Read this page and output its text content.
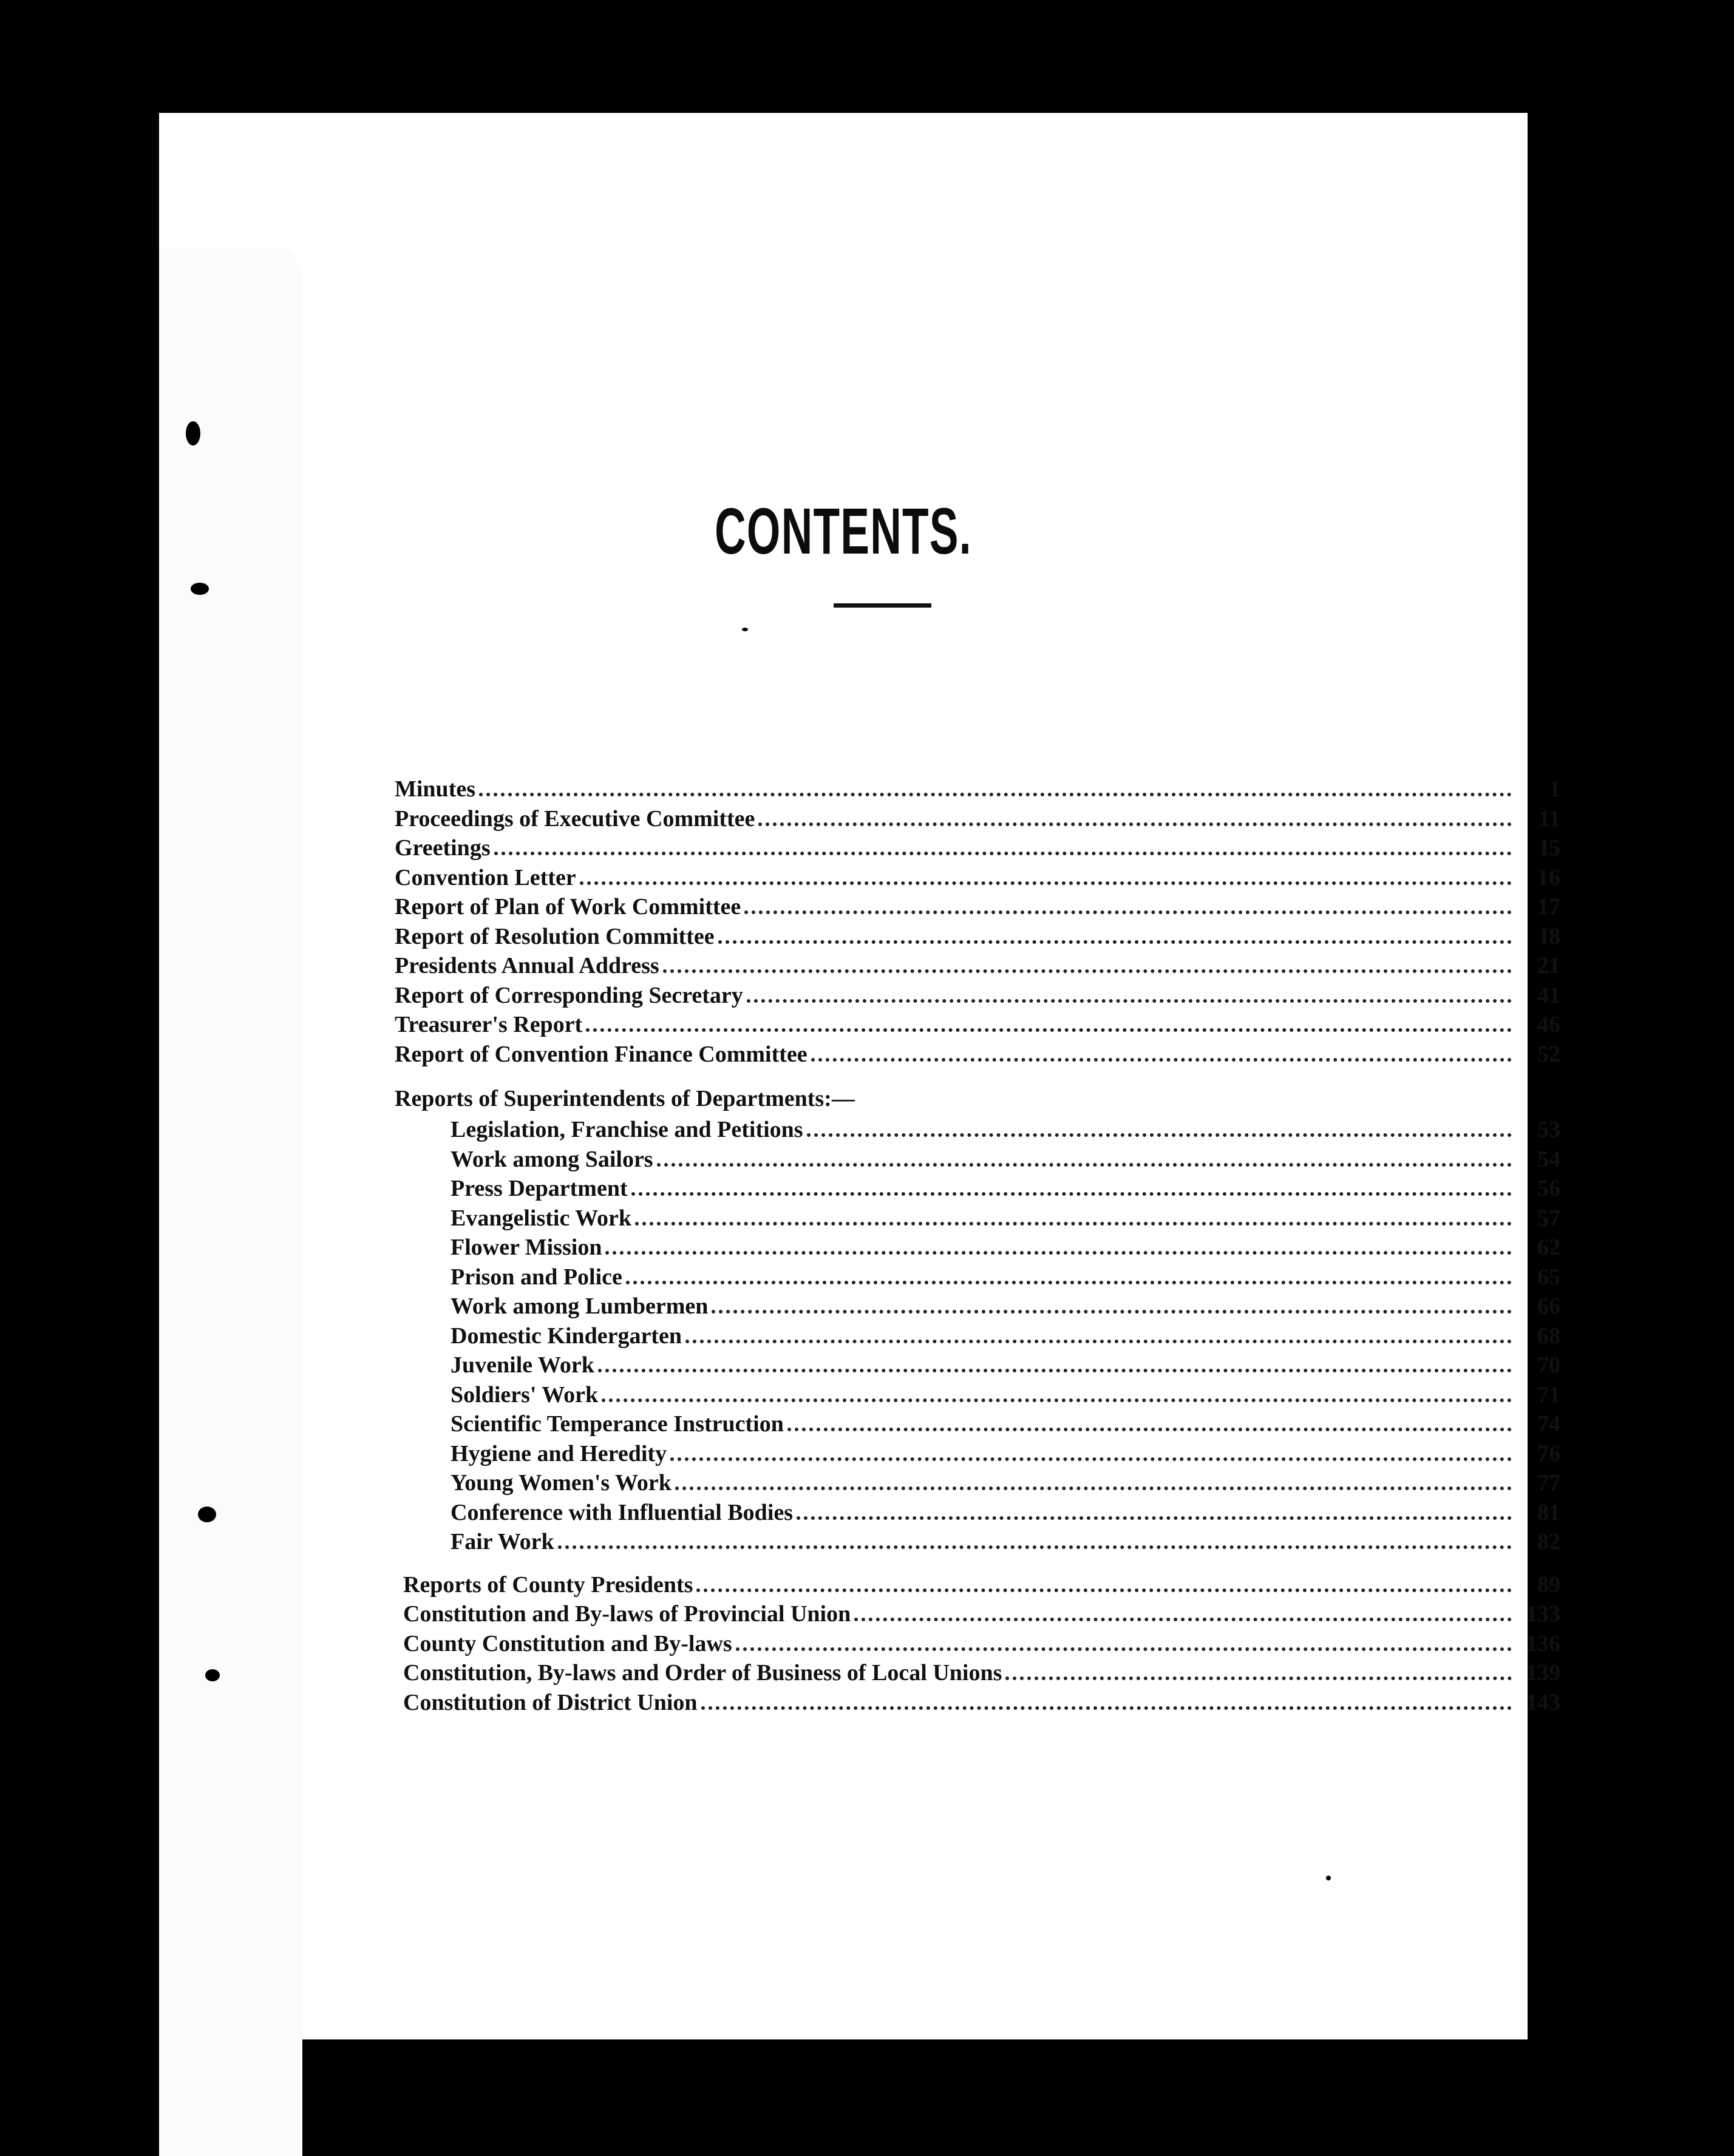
CONTENTS.
Minutes	1
Proceedings of Executive Committee	11
Greetings	I5
Convention Letter	16
Report of Plan of Work Committee	17
Report of Resolution Committee	I8
Presidents Annual Address	21
Report of Corresponding Secretary	41
Treasurer's Report	46
Report of Convention Finance Committee	52
Reports of Superintendents of Departments:—
Legislation, Franchise and Petitions	53
Work among Sailors	54
Press Department	56
Evangelistic Work	57
Flower Mission	62
Prison and Police	65
Work among Lumbermen	66
Domestic Kindergarten	68
Juvenile Work	70
Soldiers' Work	71
Scientific Temperance Instruction	74
Hygiene and Heredity	76
Young Women's Work	77
Conference with Influential Bodies	81
Fair Work	82
Reports of County Presidents	89
Constitution and By-laws of Provincial Union	133
County Constitution and By-laws	136
Constitution, By-laws and Order of Business of Local Unions	139
Constitution of District Union	143
